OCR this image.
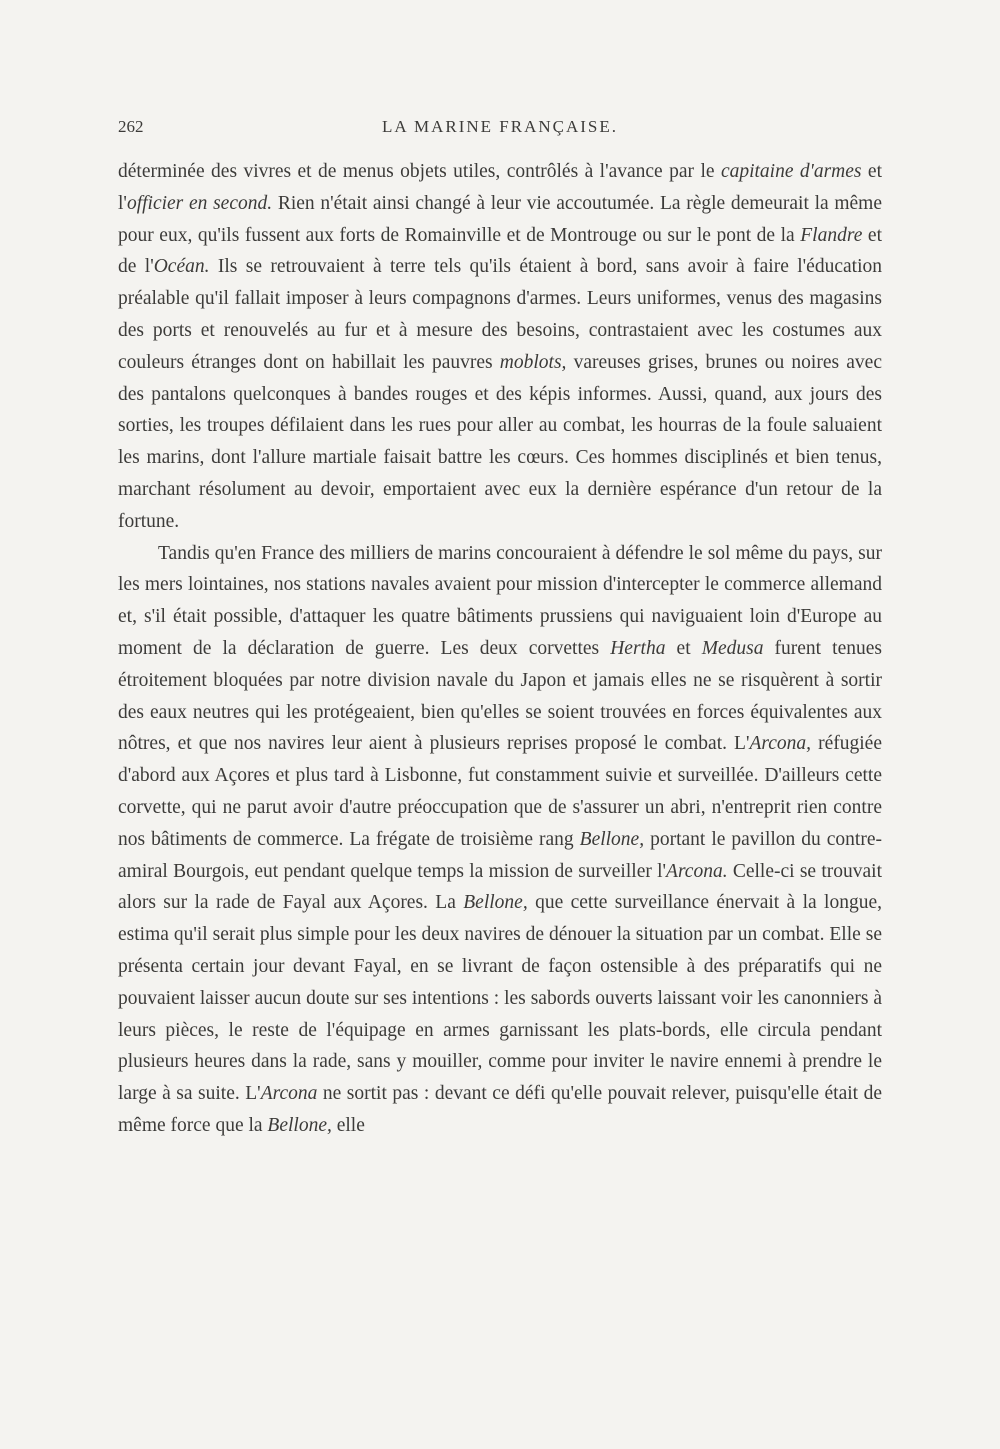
262	LA MARINE FRANÇAISE.

déterminée des vivres et de menus objets utiles, contrôlés à l'avance par le capitaine d'armes et l'officier en second. Rien n'était ainsi changé à leur vie accoutumée. La règle demeurait la même pour eux, qu'ils fussent aux forts de Romainville et de Montrouge ou sur le pont de la Flandre et de l'Océan. Ils se retrouvaient à terre tels qu'ils étaient à bord, sans avoir à faire l'éducation préalable qu'il fallait imposer à leurs compagnons d'armes. Leurs uniformes, venus des magasins des ports et renouvelés au fur et à mesure des besoins, contrastaient avec les costumes aux couleurs étranges dont on habillait les pauvres moblots, vareuses grises, brunes ou noires avec des pantalons quelconques à bandes rouges et des képis informes. Aussi, quand, aux jours des sorties, les troupes défilaient dans les rues pour aller au combat, les hourras de la foule saluaient les marins, dont l'allure martiale faisait battre les cœurs. Ces hommes disciplinés et bien tenus, marchant résolument au devoir, emportaient avec eux la dernière espérance d'un retour de la fortune.

Tandis qu'en France des milliers de marins concouraient à défendre le sol même du pays, sur les mers lointaines, nos stations navales avaient pour mission d'intercepter le commerce allemand et, s'il était possible, d'attaquer les quatre bâtiments prussiens qui naviguaient loin d'Europe au moment de la déclaration de guerre. Les deux corvettes Hertha et Medusa furent tenues étroitement bloquées par notre division navale du Japon et jamais elles ne se risquèrent à sortir des eaux neutres qui les protégeaient, bien qu'elles se soient trouvées en forces équivalentes aux nôtres, et que nos navires leur aient à plusieurs reprises proposé le combat. L'Arcona, réfugiée d'abord aux Açores et plus tard à Lisbonne, fut constamment suivie et surveillée. D'ailleurs cette corvette, qui ne parut avoir d'autre préoccupation que de s'assurer un abri, n'entreprit rien contre nos bâtiments de commerce. La frégate de troisième rang Bellone, portant le pavillon du contre-amiral Bourgois, eut pendant quelque temps la mission de surveiller l'Arcona. Celle-ci se trouvait alors sur la rade de Fayal aux Açores. La Bellone, que cette surveillance énervait à la longue, estima qu'il serait plus simple pour les deux navires de dénouer la situation par un combat. Elle se présenta certain jour devant Fayal, en se livrant de façon ostensible à des préparatifs qui ne pouvaient laisser aucun doute sur ses intentions : les sabords ouverts laissant voir les canonniers à leurs pièces, le reste de l'équipage en armes garnissant les plats-bords, elle circula pendant plusieurs heures dans la rade, sans y mouiller, comme pour inviter le navire ennemi à prendre le large à sa suite. L'Arcona ne sortit pas : devant ce défi qu'elle pouvait relever, puisqu'elle était de même force que la Bellone, elle
